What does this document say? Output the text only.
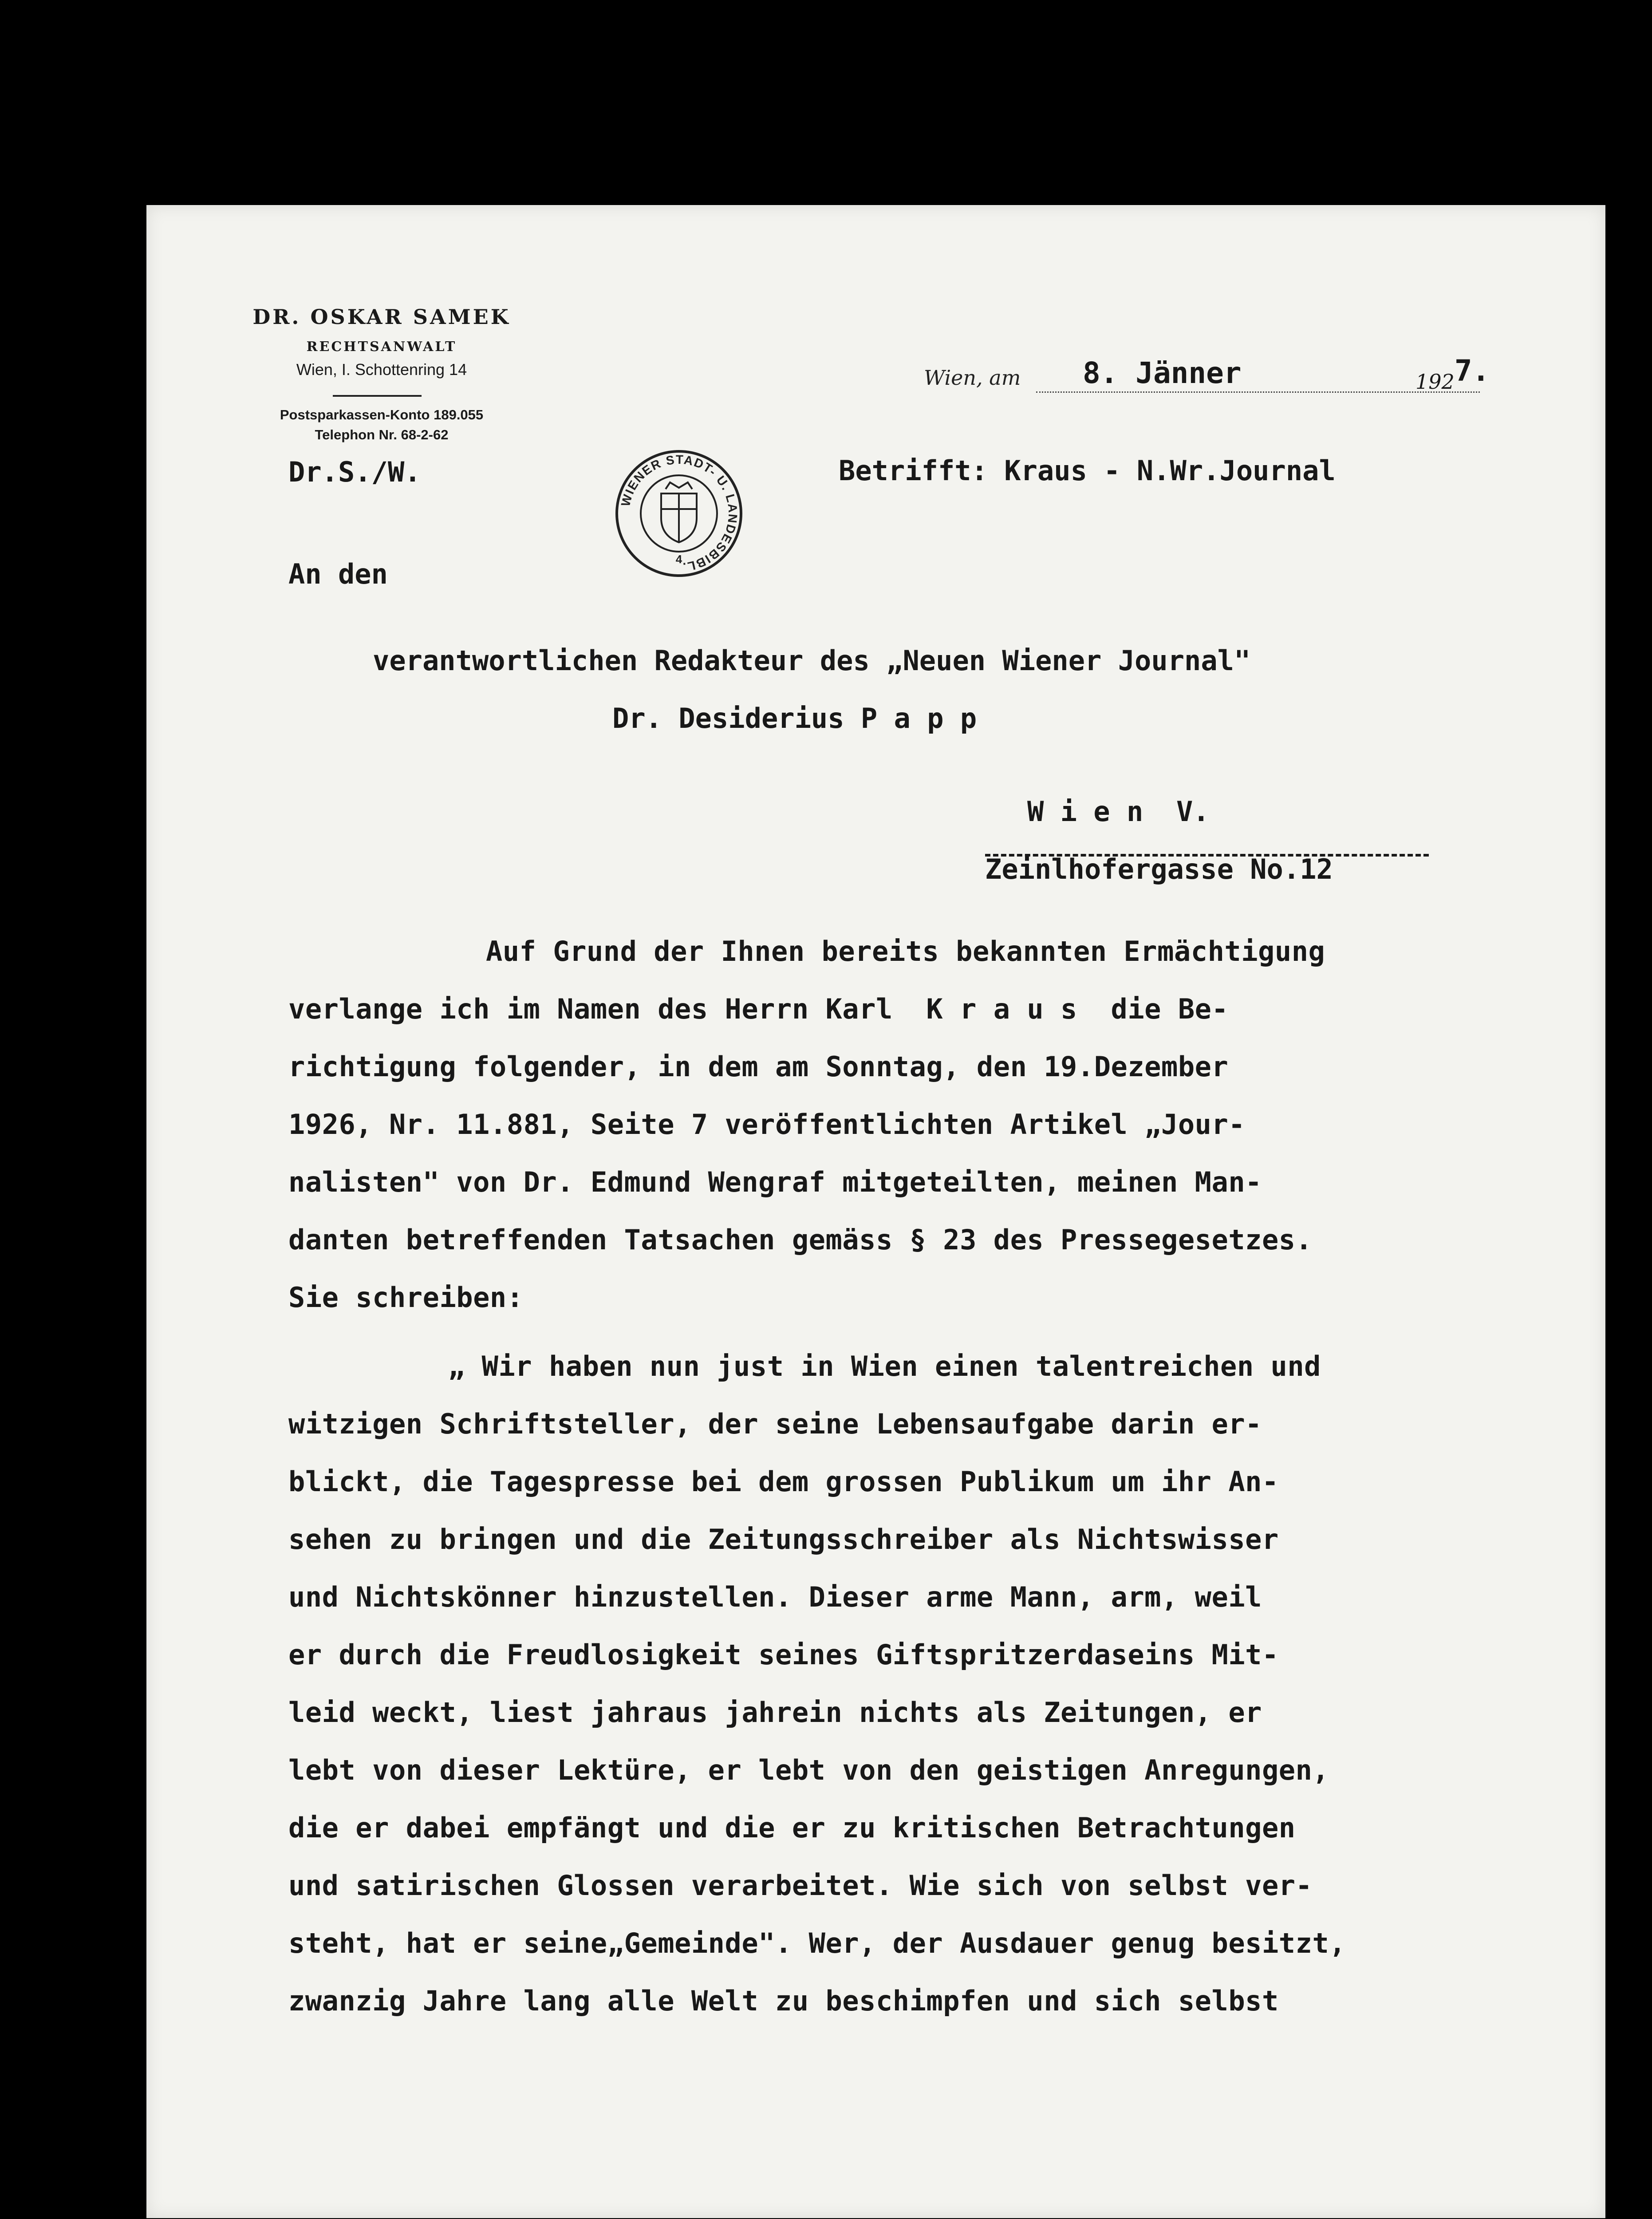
DR. OSKAR SAMEK
RECHTSANWALT
Wien, I. Schottenring 14
Postsparkassen-Konto 189.055
Telephon Nr. 68-2-62
Wien, am 8. Jänner	$_{192}$7.
WIENER STADT- U. LANDESBIBL.
4
Dr.S./W.	Betrifft: Kraus - N.Wr.Journal
An den
verantwortlichen Redakteur des „Neuen Wiener Journal"
Dr. Desiderius P a p p
W i e n  V.
Zeinlhofergasse No.12
Auf Grund der Ihnen bereits bekannten Ermächtigung
verlange ich im Namen des Herrn Karl  K r a u s  die Be-
richtigung folgender, in dem am Sonntag, den 19.Dezember
1926, Nr. 11.881, Seite 7 veröffentlichten Artikel „Jour-
nalisten" von Dr. Edmund Wengraf mitgeteilten, meinen Man-
danten betreffenden Tatsachen gemäss § 23 des Pressegesetzes.
Sie schreiben:
„ Wir haben nun just in Wien einen talentreichen und
witzigen Schriftsteller, der seine Lebensaufgabe darin er-
blickt, die Tagespresse bei dem grossen Publikum um ihr An-
sehen zu bringen und die Zeitungsschreiber als Nichtswisser
und Nichtskönner hinzustellen. Dieser arme Mann, arm, weil
er durch die Freudlosigkeit seines Giftspritzerdaseins Mit-
leid weckt, liest jahraus jahrein nichts als Zeitungen, er
lebt von dieser Lektüre, er lebt von den geistigen Anregungen,
die er dabei empfängt und die er zu kritischen Betrachtungen
und satirischen Glossen verarbeitet. Wie sich von selbst ver-
steht, hat er seine„Gemeinde". Wer, der Ausdauer genug besitzt,
zwanzig Jahre lang alle Welt zu beschimpfen und sich selbst
